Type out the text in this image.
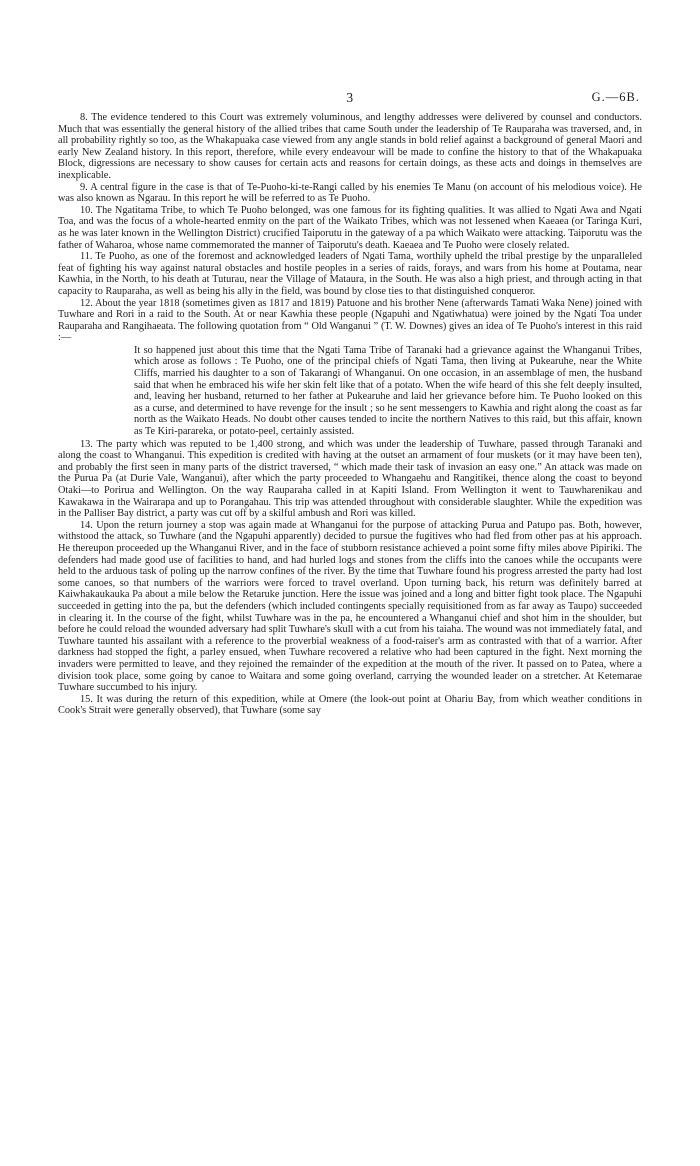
3	G.—6B.

8. The evidence tendered to this Court was extremely voluminous, and lengthy addresses were delivered by counsel and conductors. Much that was essentially the general history of the allied tribes that came South under the leadership of Te Rauparaha was traversed, and, in all probability rightly so too, as the Whakapuaka case viewed from any angle stands in bold relief against a background of general Maori and early New Zealand history. In this report, therefore, while every endeavour will be made to confine the history to that of the Whakapuaka Block, digressions are necessary to show causes for certain acts and reasons for certain doings, as these acts and doings in themselves are inexplicable.

9. A central figure in the case is that of Te-Puoho-ki-te-Rangi called by his enemies Te Manu (on account of his melodious voice). He was also known as Ngarau. In this report he will be referred to as Te Puoho.

10. The Ngatitama Tribe, to which Te Puoho belonged, was one famous for its fighting qualities. It was allied to Ngati Awa and Ngati Toa, and was the focus of a whole-hearted enmity on the part of the Waikato Tribes, which was not lessened when Kaeaea (or Taringa Kuri, as he was later known in the Wellington District) crucified Taiporutu in the gateway of a pa which Waikato were attacking. Taiporutu was the father of Waharoa, whose name commemorated the manner of Taiporutu's death. Kaeaea and Te Puoho were closely related.

11. Te Puoho, as one of the foremost and acknowledged leaders of Ngati Tama, worthily upheld the tribal prestige by the unparalleled feat of fighting his way against natural obstacles and hostile peoples in a series of raids, forays, and wars from his home at Poutama, near Kawhia, in the North, to his death at Tuturau, near the Village of Mataura, in the South. He was also a high priest, and through acting in that capacity to Rauparaha, as well as being his ally in the field, was bound by close ties to that distinguished conqueror.

12. About the year 1818 (sometimes given as 1817 and 1819) Patuone and his brother Nene (afterwards Tamati Waka Nene) joined with Tuwhare and Rori in a raid to the South. At or near Kawhia these people (Ngapuhi and Ngatiwhatua) were joined by the Ngati Toa under Rauparaha and Rangihaeata. The following quotation from “ Old Wanganui ” (T. W. Downes) gives an idea of Te Puoho's interest in this raid :—

It so happened just about this time that the Ngati Tama Tribe of Taranaki had a grievance against the Whanganui Tribes, which arose as follows : Te Puoho, one of the principal chiefs of Ngati Tama, then living at Pukearuhe, near the White Cliffs, married his daughter to a son of Takarangi of Whanganui. On one occasion, in an assemblage of men, the husband said that when he embraced his wife her skin felt like that of a potato. When the wife heard of this she felt deeply insulted, and, leaving her husband, returned to her father at Pukearuhe and laid her grievance before him. Te Puoho looked on this as a curse, and determined to have revenge for the insult ; so he sent messengers to Kawhia and right along the coast as far north as the Waikato Heads. No doubt other causes tended to incite the northern Natives to this raid, but this affair, known as Te Kiri-parareka, or potato-peel, certainly assisted.

13. The party which was reputed to be 1,400 strong, and which was under the leadership of Tuwhare, passed through Taranaki and along the coast to Whanganui. This expedition is credited with having at the outset an armament of four muskets (or it may have been ten), and probably the first seen in many parts of the district traversed, “ which made their task of invasion an easy one.” An attack was made on the Purua Pa (at Durie Vale, Wanganui), after which the party proceeded to Whangaehu and Rangitikei, thence along the coast to beyond Otaki—to Porirua and Wellington. On the way Rauparaha called in at Kapiti Island. From Wellington it went to Tauwharenikau and Kawakawa in the Wairarapa and up to Porangahau. This trip was attended throughout with considerable slaughter. While the expedition was in the Palliser Bay district, a party was cut off by a skilful ambush and Rori was killed.

14. Upon the return journey a stop was again made at Whanganui for the purpose of attacking Purua and Patupo pas. Both, however, withstood the attack, so Tuwhare (and the Ngapuhi apparently) decided to pursue the fugitives who had fled from other pas at his approach. He thereupon proceeded up the Whanganui River, and in the face of stubborn resistance achieved a point some fifty miles above Pipiriki. The defenders had made good use of facilities to hand, and had hurled logs and stones from the cliffs into the canoes while the occupants were held to the arduous task of poling up the narrow confines of the river. By the time that Tuwhare found his progress arrested the party had lost some canoes, so that numbers of the warriors were forced to travel overland. Upon turning back, his return was definitely barred at Kaiwhakaukauka Pa about a mile below the Retaruke junction. Here the issue was joined and a long and bitter fight took place. The Ngapuhi succeeded in getting into the pa, but the defenders (which included contingents specially requisitioned from as far away as Taupo) succeeded in clearing it. In the course of the fight, whilst Tuwhare was in the pa, he encountered a Whanganui chief and shot him in the shoulder, but before he could reload the wounded adversary had split Tuwhare's skull with a cut from his taiaha. The wound was not immediately fatal, and Tuwhare taunted his assailant with a reference to the proverbial weakness of a food-raiser's arm as contrasted with that of a warrior. After darkness had stopped the fight, a parley ensued, when Tuwhare recovered a relative who had been captured in the fight. Next morning the invaders were permitted to leave, and they rejoined the remainder of the expedition at the mouth of the river. It passed on to Patea, where a division took place, some going by canoe to Waitara and some going overland, carrying the wounded leader on a stretcher. At Ketemarae Tuwhare succumbed to his injury.

15. It was during the return of this expedition, while at Omere (the look-out point at Ohariu Bay, from which weather conditions in Cook's Strait were generally observed), that Tuwhare (some say
